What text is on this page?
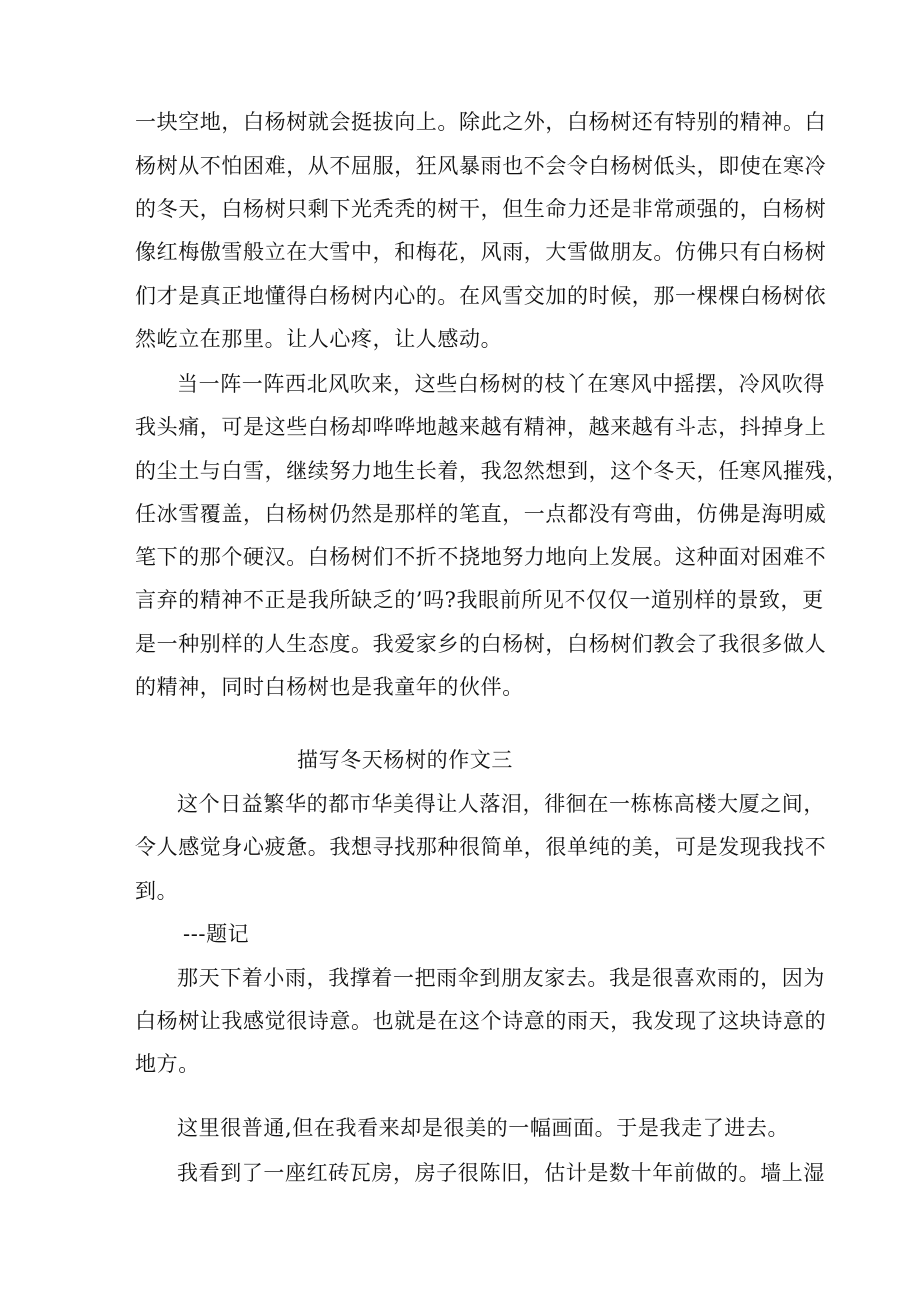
一块空地，白杨树就会挺拔向上。除此之外，白杨树还有特别的精神。白
杨树从不怕困难，从不屈服，狂风暴雨也不会令白杨树低头，即使在寒冷
的冬天，白杨树只剩下光秃秃的树干，但生命力还是非常顽强的，白杨树
像红梅傲雪般立在大雪中，和梅花，风雨，大雪做朋友。仿佛只有白杨树
们才是真正地懂得白杨树内心的。在风雪交加的时候，那一棵棵白杨树依
然屹立在那里。让人心疼，让人感动。
当一阵一阵西北风吹来，这些白杨树的枝丫在寒风中摇摆，冷风吹得
我头痛，可是这些白杨却哗哗地越来越有精神，越来越有斗志，抖掉身上
的尘土与白雪，继续努力地生长着，我忽然想到，这个冬天，任寒风摧残，
任冰雪覆盖，白杨树仍然是那样的笔直，一点都没有弯曲，仿佛是海明威
笔下的那个硬汉。白杨树们不折不挠地努力地向上发展。这种面对困难不
言弃的精神不正是我所缺乏的’吗?我眼前所见不仅仅一道别样的景致，更
是一种别样的人生态度。我爱家乡的白杨树，白杨树们教会了我很多做人
的精神，同时白杨树也是我童年的伙伴。
描写冬天杨树的作文三
这个日益繁华的都市华美得让人落泪，徘徊在一栋栋高楼大厦之间，
令人感觉身心疲惫。我想寻找那种很简单，很单纯的美，可是发现我找不
到。
---题记
那天下着小雨，我撑着一把雨伞到朋友家去。我是很喜欢雨的，因为
白杨树让我感觉很诗意。也就是在这个诗意的雨天，我发现了这块诗意的
地方。
这里很普通,但在我看来却是很美的一幅画面。于是我走了进去。
我看到了一座红砖瓦房，房子很陈旧，估计是数十年前做的。墙上湿
